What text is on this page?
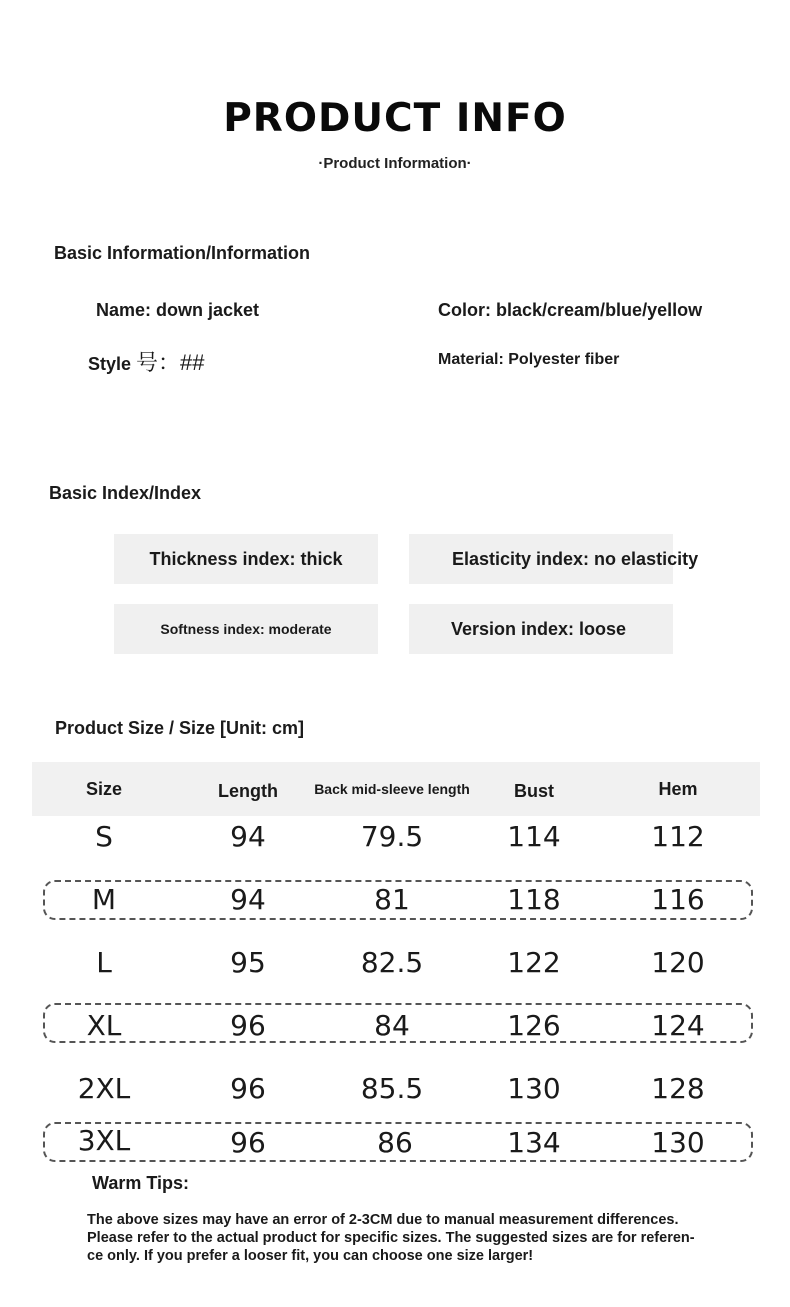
PRODUCT INFO
·Product Information·
Basic Information/Information
Name: down jacket	Color: black/cream/blue/yellow
Style 号：##	Material: Polyester fiber
Basic Index/Index
Thickness index: thick	Elasticity index: no elasticity
Softness index: moderate	Version index: loose
Product Size / Size [Unit: cm]
Size	Length	Back mid-sleeve length	Bust	Hem
S	94	79.5	114	112
M	94	81	118	116
L	95	82.5	122	120
XL	96	84	126	124
2XL	96	85.5	130	128
3XL	96	86	134	130
Warm Tips:
The above sizes may have an error of 2-3CM due to manual measurement differences.
Please refer to the actual product for specific sizes. The suggested sizes are for referen-
ce only. If you prefer a looser fit, you can choose one size larger!
